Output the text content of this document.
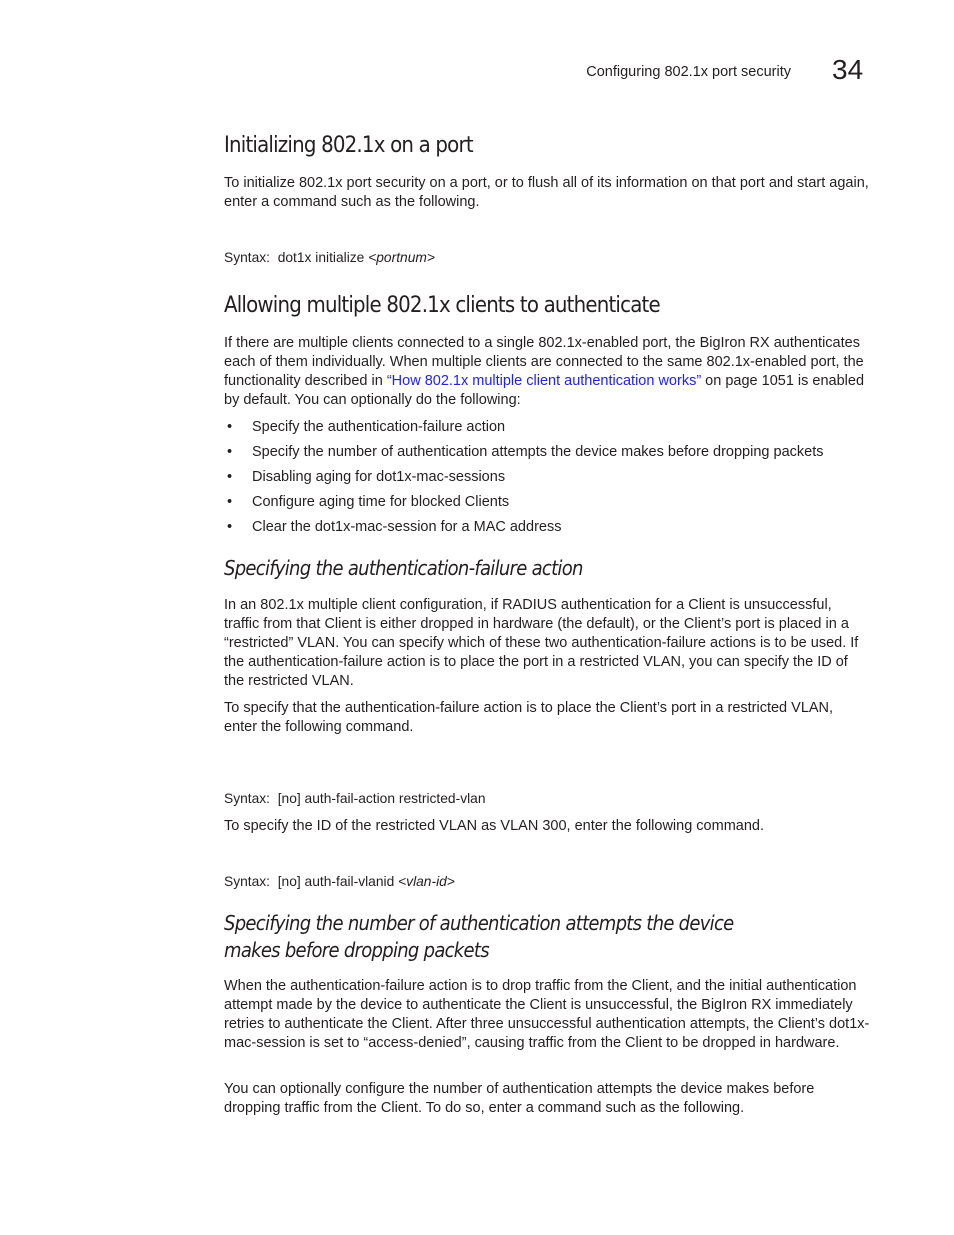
Configuring 802.1x port security 34
Initializing 802.1x on a port

To initialize 802.1x port security on a port, or to flush all of its information on that port and start again, enter a command such as the following.

Syntax: dot1x initialize <portnum>
Allowing multiple 802.1x clients to authenticate

If there are multiple clients connected to a single 802.1x-enabled port, the BigIron RX authenticates each of them individually. When multiple clients are connected to the same 802.1x-enabled port, the functionality described in “How 802.1x multiple client authentication works” on page 1051 is enabled by default. You can optionally do the following:

• Specify the authentication-failure action
• Specify the number of authentication attempts the device makes before dropping packets
• Disabling aging for dot1x-mac-sessions
• Configure aging time for blocked Clients
• Clear the dot1x-mac-session for a MAC address
Specifying the authentication-failure action

In an 802.1x multiple client configuration, if RADIUS authentication for a Client is unsuccessful, traffic from that Client is either dropped in hardware (the default), or the Client’s port is placed in a “restricted” VLAN. You can specify which of these two authentication-failure actions is to be used. If the authentication-failure action is to place the port in a restricted VLAN, you can specify the ID of the restricted VLAN.

To specify that the authentication-failure action is to place the Client’s port in a restricted VLAN, enter the following command.

Syntax: [no] auth-fail-action restricted-vlan

To specify the ID of the restricted VLAN as VLAN 300, enter the following command.

Syntax: [no] auth-fail-vlanid <vlan-id>
Specifying the number of authentication attempts the device
makes before dropping packets

When the authentication-failure action is to drop traffic from the Client, and the initial authentication attempt made by the device to authenticate the Client is unsuccessful, the BigIron RX immediately retries to authenticate the Client. After three unsuccessful authentication attempts, the Client’s dot1x-mac-session is set to “access-denied”, causing traffic from the Client to be dropped in hardware.

You can optionally configure the number of authentication attempts the device makes before dropping traffic from the Client. To do so, enter a command such as the following.
